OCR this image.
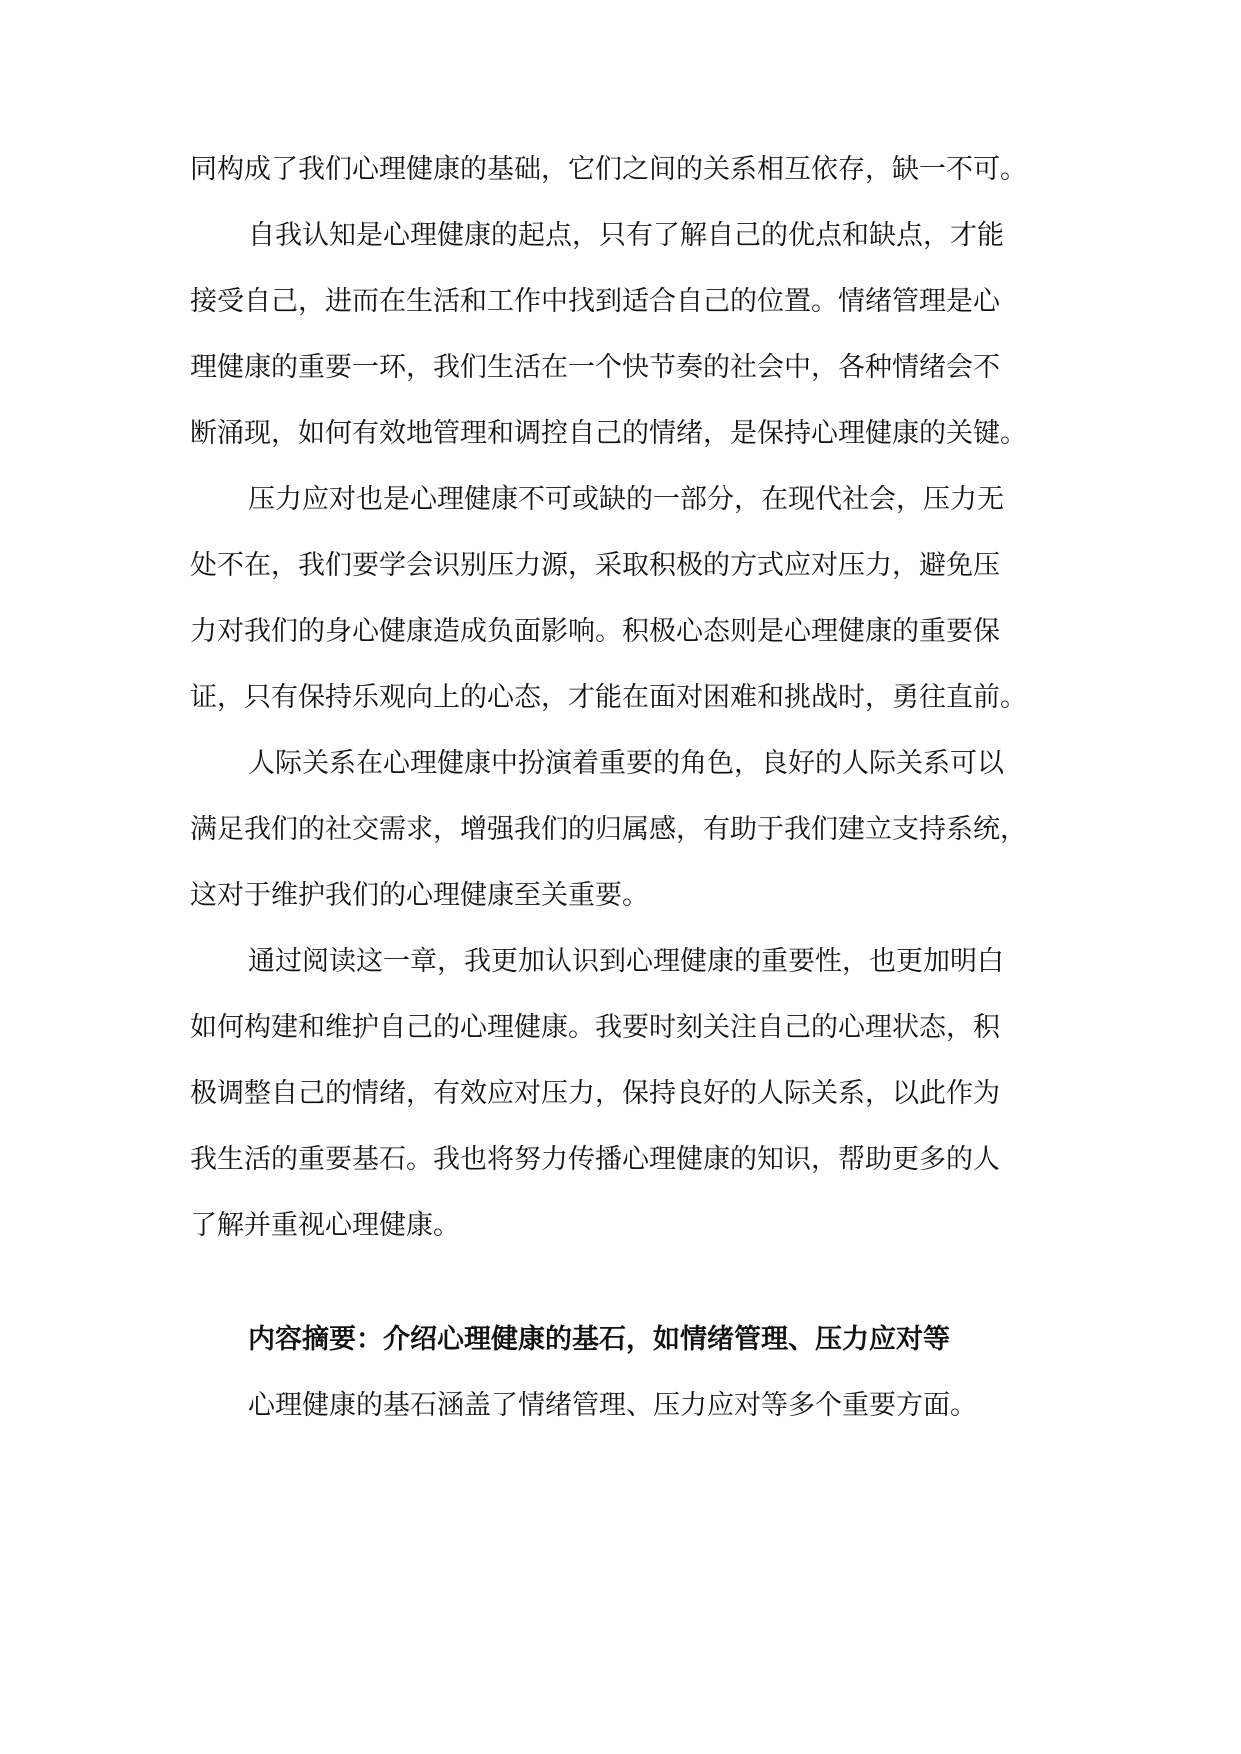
同构成了我们心理健康的基础，它们之间的关系相互依存，缺一不可。
自我认知是心理健康的起点，只有了解自己的优点和缺点，才能
接受自己，进而在生活和工作中找到适合自己的位置。情绪管理是心
理健康的重要一环，我们生活在一个快节奏的社会中，各种情绪会不
断涌现，如何有效地管理和调控自己的情绪，是保持心理健康的关键。
压力应对也是心理健康不可或缺的一部分，在现代社会，压力无
处不在，我们要学会识别压力源，采取积极的方式应对压力，避免压
力对我们的身心健康造成负面影响。积极心态则是心理健康的重要保
证，只有保持乐观向上的心态，才能在面对困难和挑战时，勇往直前。
人际关系在心理健康中扮演着重要的角色，良好的人际关系可以
满足我们的社交需求，增强我们的归属感，有助于我们建立支持系统，
这对于维护我们的心理健康至关重要。
通过阅读这一章，我更加认识到心理健康的重要性，也更加明白
如何构建和维护自己的心理健康。我要时刻关注自己的心理状态，积
极调整自己的情绪，有效应对压力，保持良好的人际关系，以此作为
我生活的重要基石。我也将努力传播心理健康的知识，帮助更多的人
了解并重视心理健康。
内容摘要：介绍心理健康的基石，如情绪管理、压力应对等
心理健康的基石涵盖了情绪管理、压力应对等多个重要方面。
